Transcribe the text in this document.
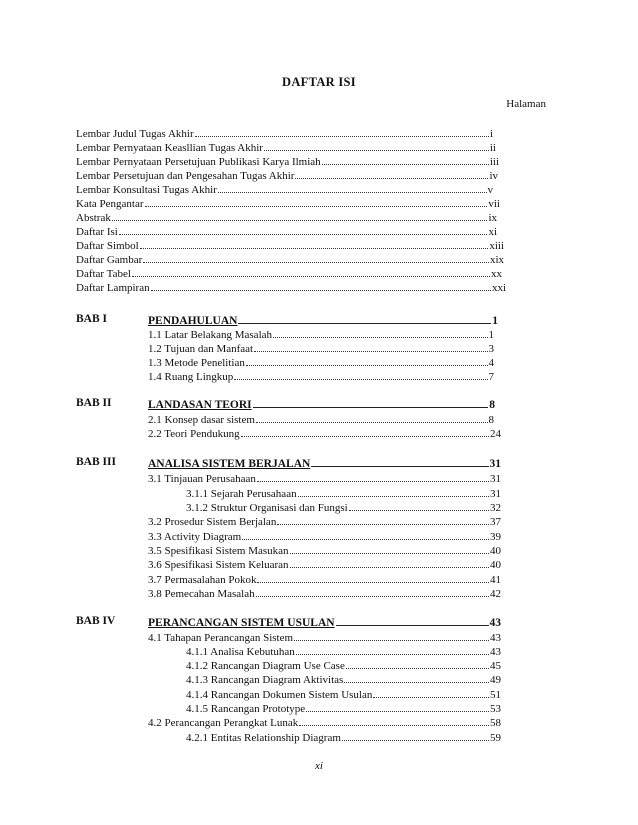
DAFTAR ISI
Halaman
Lembar Judul Tugas Akhir	i
Lembar Pernyataan Keasllian Tugas Akhir	ii
Lembar Pernyataan Persetujuan Publikasi Karya Ilmiah	iii
Lembar Persetujuan dan Pengesahan Tugas Akhir	iv
Lembar Konsultasi Tugas Akhir	v
Kata Pengantar	vii
Abstrak	ix
Daftar Isi	xi
Daftar Simbol	xiii
Daftar Gambar	xix
Daftar Tabel	xx
Daftar Lampiran	xxi
BAB I	PENDAHULUAN	1
1.1 Latar Belakang Masalah	1
1.2 Tujuan dan Manfaat	3
1.3 Metode Penelitian	4
1.4 Ruang Lingkup	7
BAB II	LANDASAN TEORI	8
2.1 Konsep dasar sistem	8
2.2 Teori Pendukung	24
BAB III	ANALISA SISTEM BERJALAN	31
3.1 Tinjauan Perusahaan	31
3.1.1 Sejarah Perusahaan	31
3.1.2 Struktur Organisasi dan Fungsi	32
3.2 Prosedur Sistem Berjalan	37
3.3 Activity Diagram	39
3.5 Spesifikasi Sistem Masukan	40
3.6 Spesifikasi Sistem Keluaran	40
3.7 Permasalahan Pokok	41
3.8 Pemecahan Masalah	42
BAB IV	PERANCANGAN SISTEM USULAN	43
4.1 Tahapan Perancangan Sistem	43
4.1.1 Analisa Kebutuhan	43
4.1.2 Rancangan Diagram Use Case	45
4.1.3 Rancangan Diagram Aktivitas	49
4.1.4 Rancangan Dokumen Sistem Usulan	51
4.1.5 Rancangan Prototype	53
4.2 Perancangan Perangkat Lunak	58
4.2.1 Entitas Relationship Diagram	59
xi
